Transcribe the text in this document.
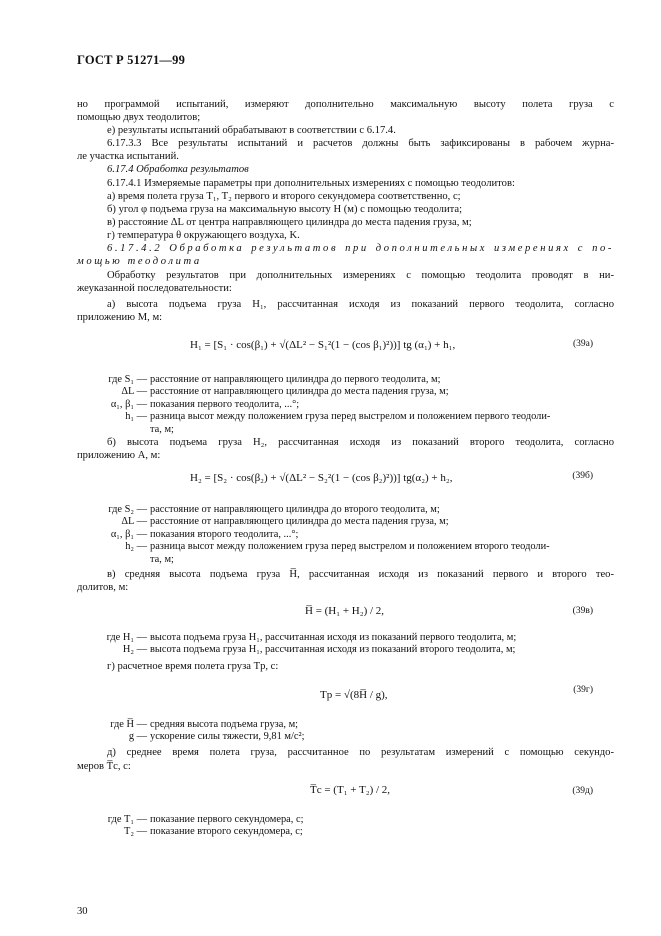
ГОСТ Р 51271—99
но программой испытаний, измеряют дополнительно максимальную высоту полета груза с
помощью двух теодолитов;
е) результаты испытаний обрабатывают в соответствии с 6.17.4.
6.17.3.3 Все результаты испытаний и расчетов должны быть зафиксированы в рабочем журна-
ле участка испытаний.
6.17.4 Обработка результатов
6.17.4.1 Измеряемые параметры при дополнительных измерениях с помощью теодолитов:
а) время полета груза T₁, T₂ первого и второго секундомера соответственно, с;
б) угол φ подъема груза на максимальную высоту H (м) с помощью теодолита;
в) расстояние ΔL от центра направляющего цилиндра до места падения груза, м;
г) температура θ окружающего воздуха, K.
6.17.4.2 Обработка результатов при дополнительных измерениях с по-
мощью теодолита
Обработку результатов при дополнительных измерениях с помощью теодолита проводят в ни-
жеуказанной последовательности:
а) высота подъема груза H₁, рассчитанная исходя из показаний первого теодолита, согласно
приложению М, м:
H₁ = [S₁ · cos(β₁) + √(ΔL² − S₁²(1 − (cos β₁)²))] tg (α₁) + h₁,	(39а)
где S₁ — расстояние от направляющего цилиндра до первого теодолита, м;
ΔL — расстояние от направляющего цилиндра до места падения груза, м;
α₁, β₁ — показания первого теодолита, ...°;
h₁ — разница высот между положением груза перед выстрелом и положением первого теодоли-
та, м;
б) высота подъема груза H₂, рассчитанная исходя из показаний второго теодолита, согласно
приложению А, м:
H₂ = [S₂ · cos(β₂) + √(ΔL² − S₂²(1 − (cos β₂)²))] tg(α₂) + h₂,	(39б)
где S₂ — расстояние от направляющего цилиндра до второго теодолита, м;
ΔL — расстояние от направляющего цилиндра до места падения груза, м;
α₁, β₁ — показания второго теодолита, ...°;
h₂ — разница высот между положением груза перед выстрелом и положением второго теодоли-
та, м;
в) средняя высота подъема груза H̅, рассчитанная исходя из показаний первого и второго тео-
долитов, м:
H̅ = (H₁ + H₂) / 2,	(39в)
где H₁ — высота подъема груза H₁, рассчитанная исходя из показаний первого теодолита, м;
H₂ — высота подъема груза H₁, рассчитанная исходя из показаний второго теодолита, м;
г) расчетное время полета груза Tр, с:
Tр = √(8H̅ / g),	(39г)
где H̅ — средняя высота подъема груза, м;
g — ускорение силы тяжести, 9,81 м/с²;
д) среднее время полета груза, рассчитанное по результатам измерений с помощью секундо-
меров T̅с, с:
T̅с = (T₁ + T₂) / 2,	(39д)
где T₁ — показание первого секундомера, с;
T₂ — показание второго секундомера, с;
30
